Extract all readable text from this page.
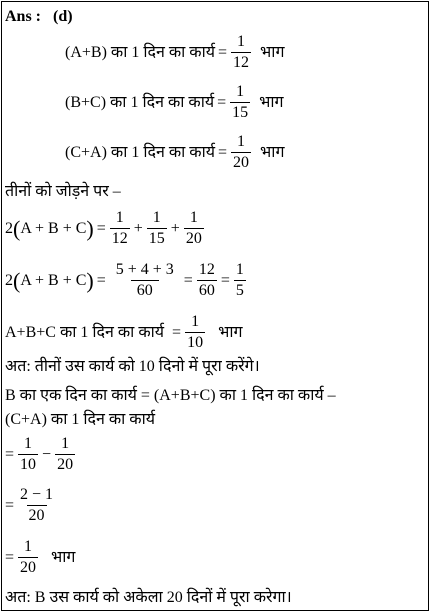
Ans : (d)
(A+B) का 1 दिन का कार्य = $\frac{1}{12}$ भाग
(B+C) का 1 दिन का कार्य = $\frac{1}{15}$ भाग
(C+A) का 1 दिन का कार्य = $\frac{1}{20}$ भाग
तीनों को जोड़ने पर –
2 ( A + B + C ) = $\frac{1}{12} + \frac{1}{15} + \frac{1}{20}$
2 ( A + B + C ) = $\frac{5 + 4 + 3}{60} = \frac{12}{60} = \frac{1}{5}$
A+B+C का 1 दिन का कार्य = $\frac{1}{10}$ भाग
अत: तीनों उस कार्य को 10 दिनो में पूरा करेंगे।
B का एक दिन का कार्य = (A+B+C) का 1 दिन का कार्य –
(C+A) का 1 दिन का कार्य
= $\frac{1}{10} - \frac{1}{20}$
= $\frac{2 - 1}{20}$
= $\frac{1}{20}$ भाग
अत: B उस कार्य को अकेला 20 दिनों में पूरा करेगा।
